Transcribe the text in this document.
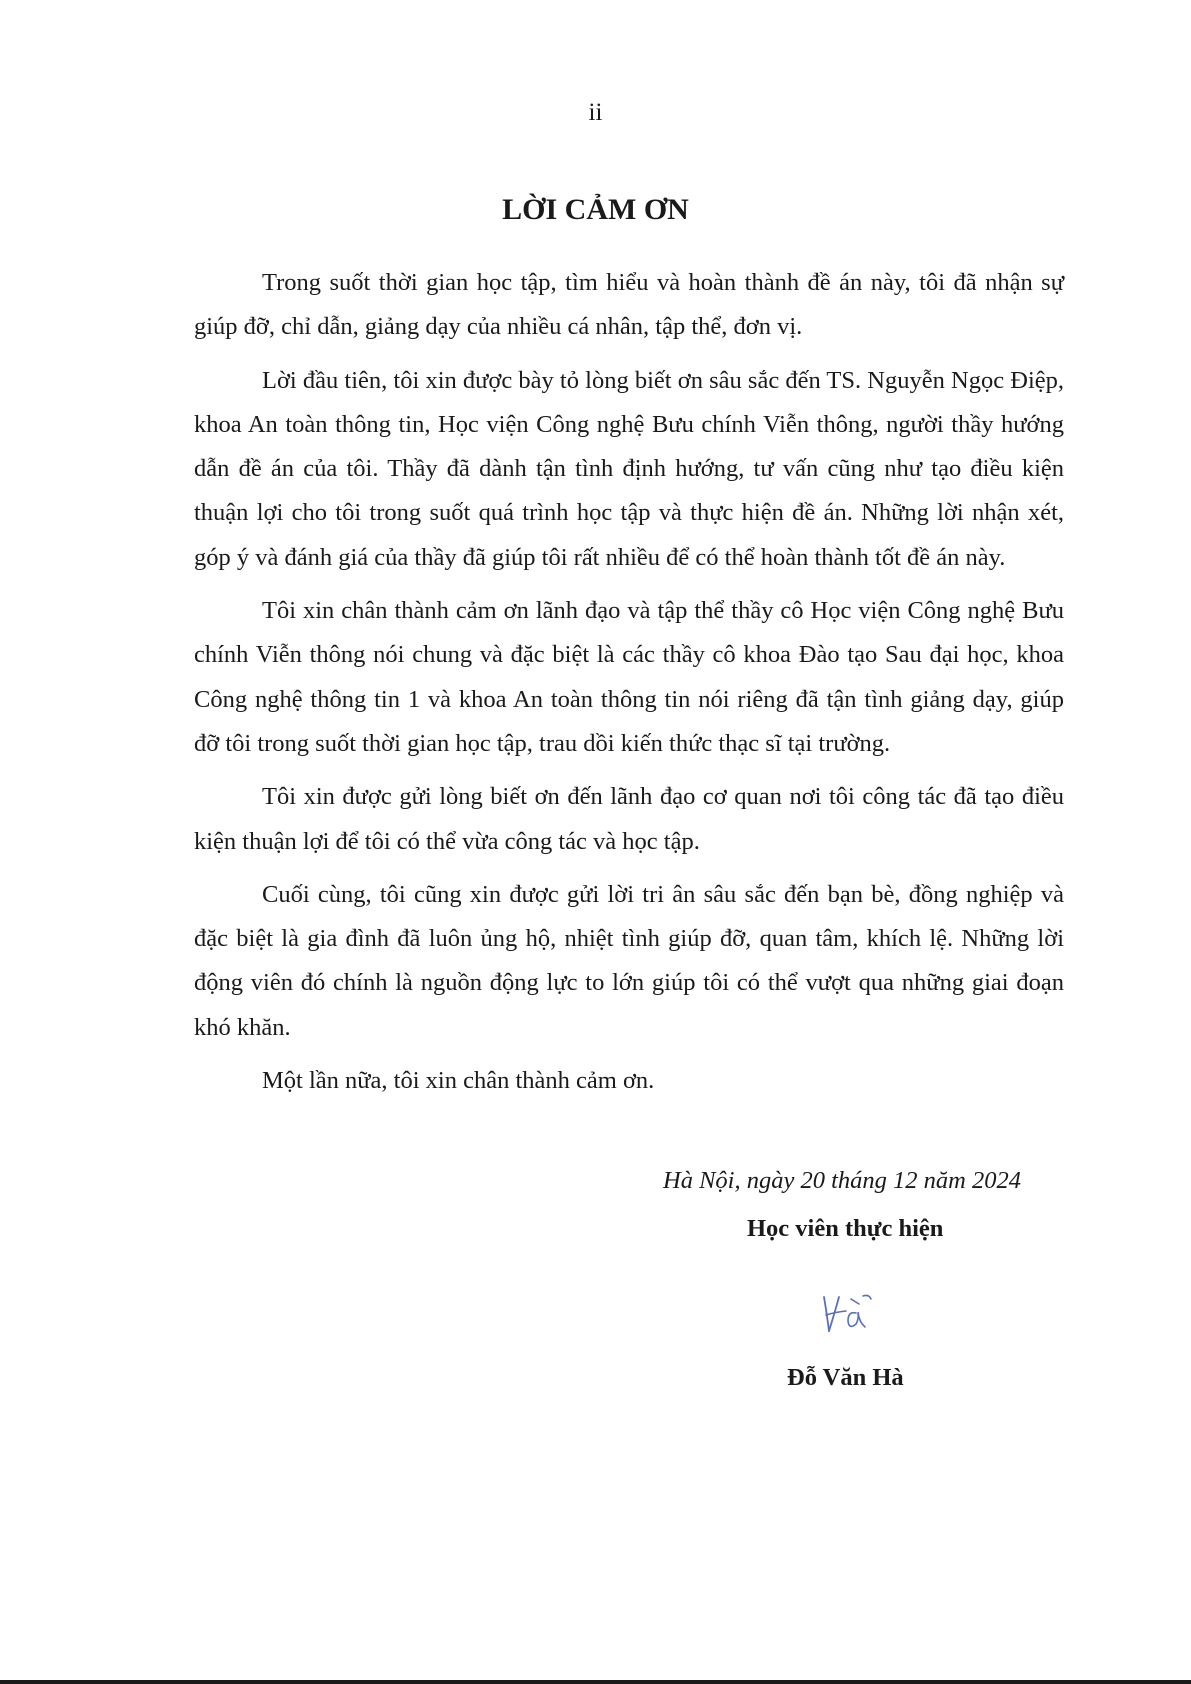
ii
LỜI CẢM ƠN

Trong suốt thời gian học tập, tìm hiểu và hoàn thành đề án này, tôi đã nhận sự giúp đỡ, chỉ dẫn, giảng dạy của nhiều cá nhân, tập thể, đơn vị.

Lời đầu tiên, tôi xin được bày tỏ lòng biết ơn sâu sắc đến TS. Nguyễn Ngọc Điệp, khoa An toàn thông tin, Học viện Công nghệ Bưu chính Viễn thông, người thầy hướng dẫn đề án của tôi. Thầy đã dành tận tình định hướng, tư vấn cũng như tạo điều kiện thuận lợi cho tôi trong suốt quá trình học tập và thực hiện đề án. Những lời nhận xét, góp ý và đánh giá của thầy đã giúp tôi rất nhiều để có thể hoàn thành tốt đề án này.

Tôi xin chân thành cảm ơn lãnh đạo và tập thể thầy cô Học viện Công nghệ Bưu chính Viễn thông nói chung và đặc biệt là các thầy cô khoa Đào tạo Sau đại học, khoa Công nghệ thông tin 1 và khoa An toàn thông tin nói riêng đã tận tình giảng dạy, giúp đỡ tôi trong suốt thời gian học tập, trau dồi kiến thức thạc sĩ tại trường.

Tôi xin được gửi lòng biết ơn đến lãnh đạo cơ quan nơi tôi công tác đã tạo điều kiện thuận lợi để tôi có thể vừa công tác và học tập.

Cuối cùng, tôi cũng xin được gửi lời tri ân sâu sắc đến bạn bè, đồng nghiệp và đặc biệt là gia đình đã luôn ủng hộ, nhiệt tình giúp đỡ, quan tâm, khích lệ. Những lời động viên đó chính là nguồn động lực to lớn giúp tôi có thể vượt qua những giai đoạn khó khăn.

Một lần nữa, tôi xin chân thành cảm ơn.

Hà Nội, ngày 20 tháng 12 năm 2024

Học viên thực hiện

Đỗ Văn Hà
